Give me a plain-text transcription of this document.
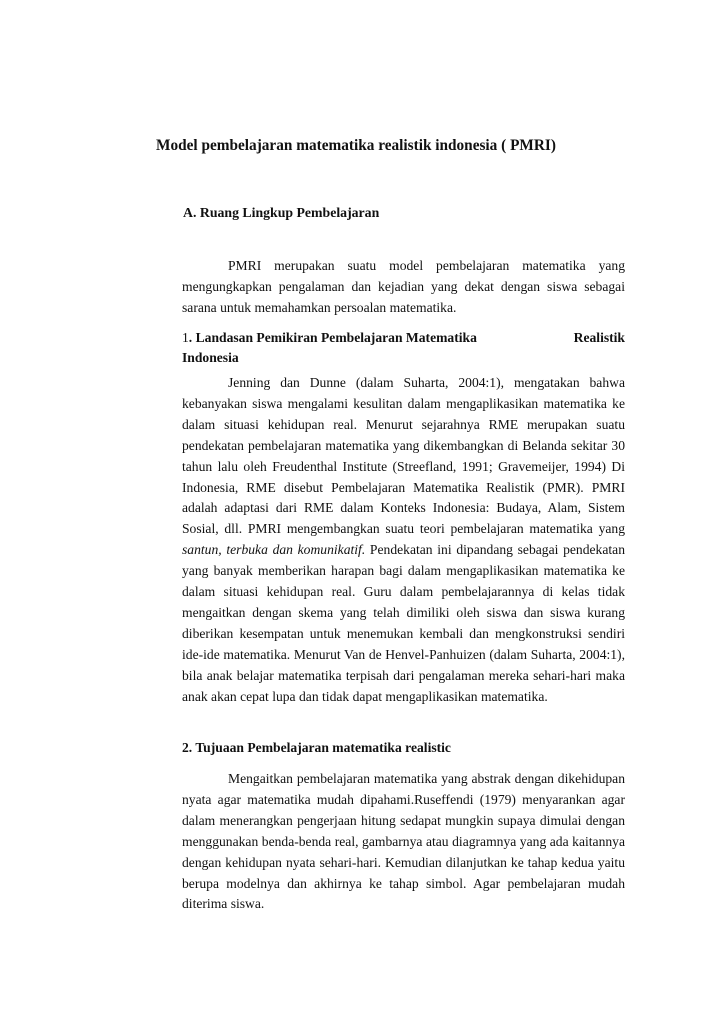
Model pembelajaran matematika realistik indonesia ( PMRI)
A. Ruang Lingkup Pembelajaran

PMRI merupakan suatu model pembelajaran matematika yang mengungkapkan pengalaman dan kejadian yang dekat dengan siswa sebagai sarana untuk memahamkan persoalan matematika.

1. Landasan Pemikiran Pembelajaran Matematika	Realistik
Indonesia

Jenning dan Dunne (dalam Suharta, 2004:1), mengatakan bahwa kebanyakan siswa mengalami kesulitan dalam mengaplikasikan matematika ke dalam situasi kehidupan real. Menurut sejarahnya RME merupakan suatu pendekatan pembelajaran matematika yang dikembangkan di Belanda sekitar 30 tahun lalu oleh Freudenthal Institute (Streefland, 1991; Gravemeijer, 1994) Di Indonesia, RME disebut Pembelajaran Matematika Realistik (PMR). PMRI adalah adaptasi dari RME dalam Konteks Indonesia: Budaya, Alam, Sistem Sosial, dll. PMRI mengembangkan suatu teori pembelajaran matematika yang santun, terbuka dan komunikatif. Pendekatan ini dipandang sebagai pendekatan yang banyak memberikan harapan bagi dalam mengaplikasikan matematika ke dalam situasi kehidupan real. Guru dalam pembelajarannya di kelas tidak mengaitkan dengan skema yang telah dimiliki oleh siswa dan siswa kurang diberikan kesempatan untuk menemukan kembali dan mengkonstruksi sendiri ide-ide matematika. Menurut Van de Henvel-Panhuizen (dalam Suharta, 2004:1), bila anak belajar matematika terpisah dari pengalaman mereka sehari-hari maka anak akan cepat lupa dan tidak dapat mengaplikasikan matematika.

2. Tujuaan Pembelajaran matematika realistic

Mengaitkan pembelajaran matematika yang abstrak dengan dikehidupan nyata agar matematika mudah dipahami.Ruseffendi (1979) menyarankan agar dalam menerangkan pengerjaan hitung sedapat mungkin supaya dimulai dengan menggunakan benda-benda real, gambarnya atau diagramnya yang ada kaitannya dengan kehidupan nyata sehari-hari. Kemudian dilanjutkan ke tahap kedua yaitu berupa modelnya dan akhirnya ke tahap simbol. Agar pembelajaran mudah diterima siswa.
